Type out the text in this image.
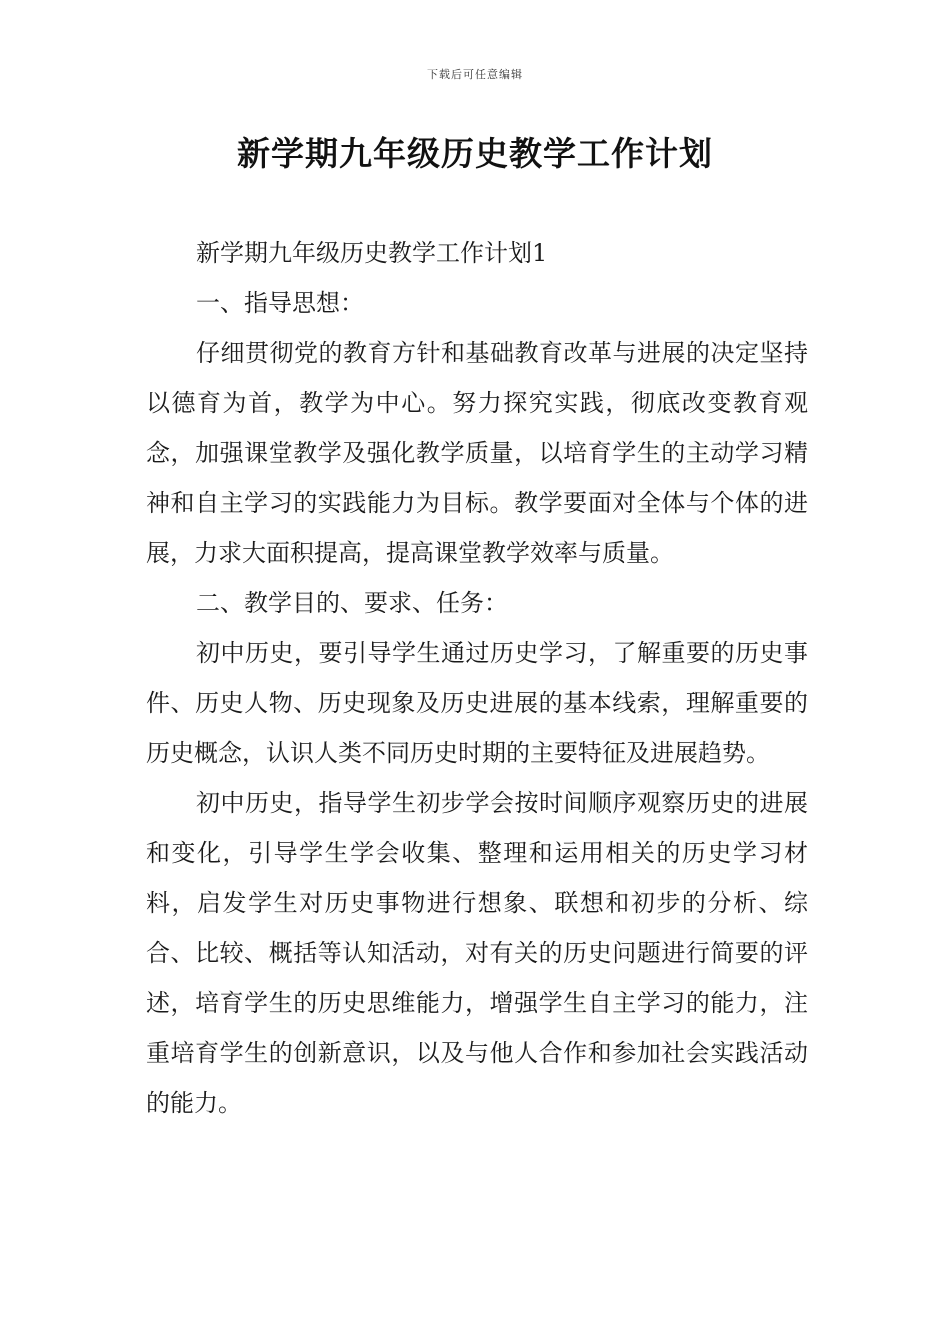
下载后可任意编辑
新学期九年级历史教学工作计划

新学期九年级历史教学工作计划1

一、指导思想：

仔细贯彻党的教育方针和基础教育改革与进展的决定坚持以德育为首，教学为中心。努力探究实践，彻底改变教育观念，加强课堂教学及强化教学质量，以培育学生的主动学习精神和自主学习的实践能力为目标。教学要面对全体与个体的进展，力求大面积提高，提高课堂教学效率与质量。

二、教学目的、要求、任务：

初中历史，要引导学生通过历史学习，了解重要的历史事件、历史人物、历史现象及历史进展的基本线索，理解重要的历史概念，认识人类不同历史时期的主要特征及进展趋势。

初中历史，指导学生初步学会按时间顺序观察历史的进展和变化，引导学生学会收集、整理和运用相关的历史学习材料，启发学生对历史事物进行想象、联想和初步的分析、综合、比较、概括等认知活动，对有关的历史问题进行简要的评述，培育学生的历史思维能力，增强学生自主学习的能力，注重培育学生的创新意识，以及与他人合作和参加社会实践活动的能力。
